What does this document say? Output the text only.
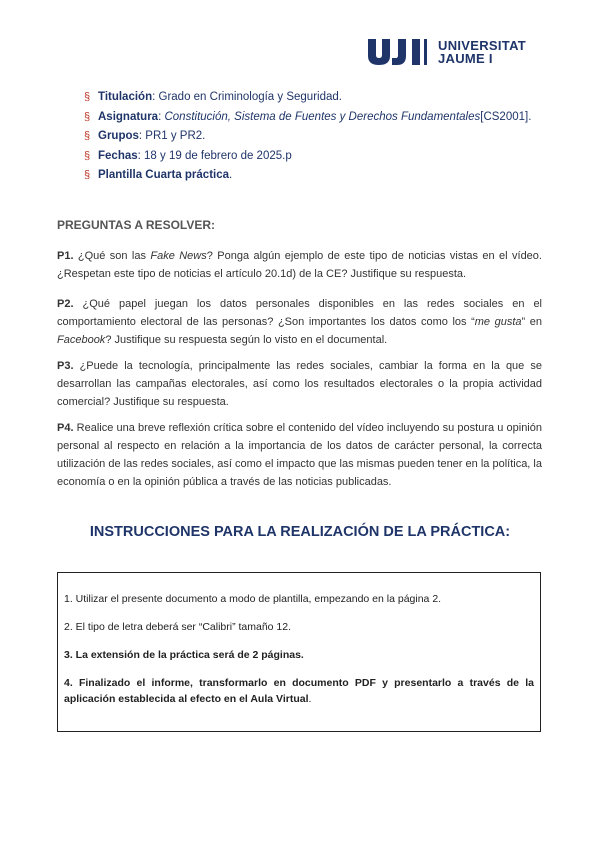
UNIVERSITAT
JAUME I
§ Titulación : Grado en Criminología y Seguridad.
§ Asignatura : Constitución, Sistema de Fuentes y Derechos Fundamentales [CS2001].
§ Grupos : PR1 y PR2.
§ Fechas : 18 y 19 de febrero de 2025.p
§ Plantilla Cuarta práctica .
PREGUNTAS A RESOLVER:
P1. ¿Qué son las Fake News? Ponga algún ejemplo de este tipo de noticias vistas en el vídeo. ¿Respetan este tipo de noticias el artículo 20.1d) de la CE? Justifique su respuesta.
P2. ¿Qué papel juegan los datos personales disponibles en las redes sociales en el comportamiento electoral de las personas? ¿Son importantes los datos como los “me gusta” en Facebook? Justifique su respuesta según lo visto en el documental.
P3. ¿Puede la tecnología, principalmente las redes sociales, cambiar la forma en la que se desarrollan las campañas electorales, así como los resultados electorales o la propia actividad comercial? Justifique su respuesta.
P4. Realice una breve reflexión crítica sobre el contenido del vídeo incluyendo su postura u opinión personal al respecto en relación a la importancia de los datos de carácter personal, la correcta utilización de las redes sociales, así como el impacto que las mismas pueden tener en la política, la economía o en la opinión pública a través de las noticias publicadas.
INSTRUCCIONES PARA LA REALIZACIÓN DE LA PRÁCTICA:

1. Utilizar el presente documento a modo de plantilla, empezando en la página 2.

2. El tipo de letra deberá ser “Calibri” tamaño 12.

3. La extensión de la práctica será de 2 páginas.

4. Finalizado el informe, transformarlo en documento PDF y presentarlo a través de la aplicación establecida al efecto en el Aula Virtual.
